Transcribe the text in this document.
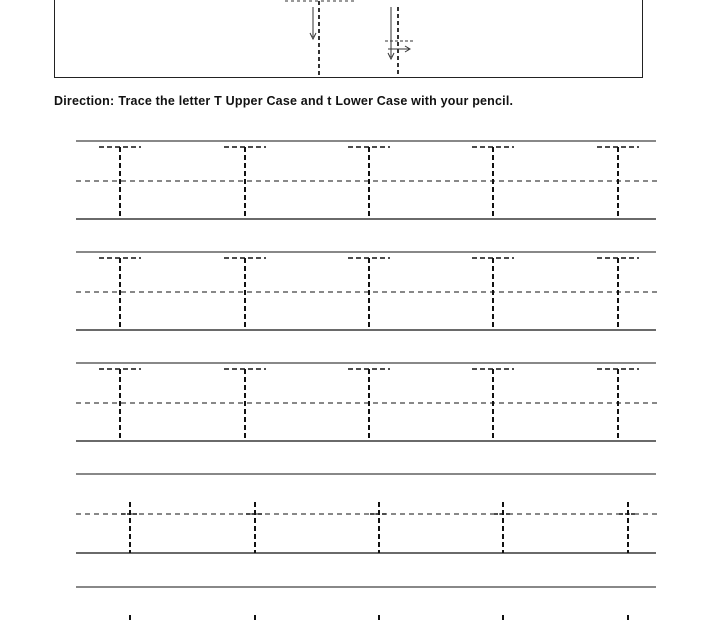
Direction: Trace the letter T Upper Case and t Lower Case with your pencil.
